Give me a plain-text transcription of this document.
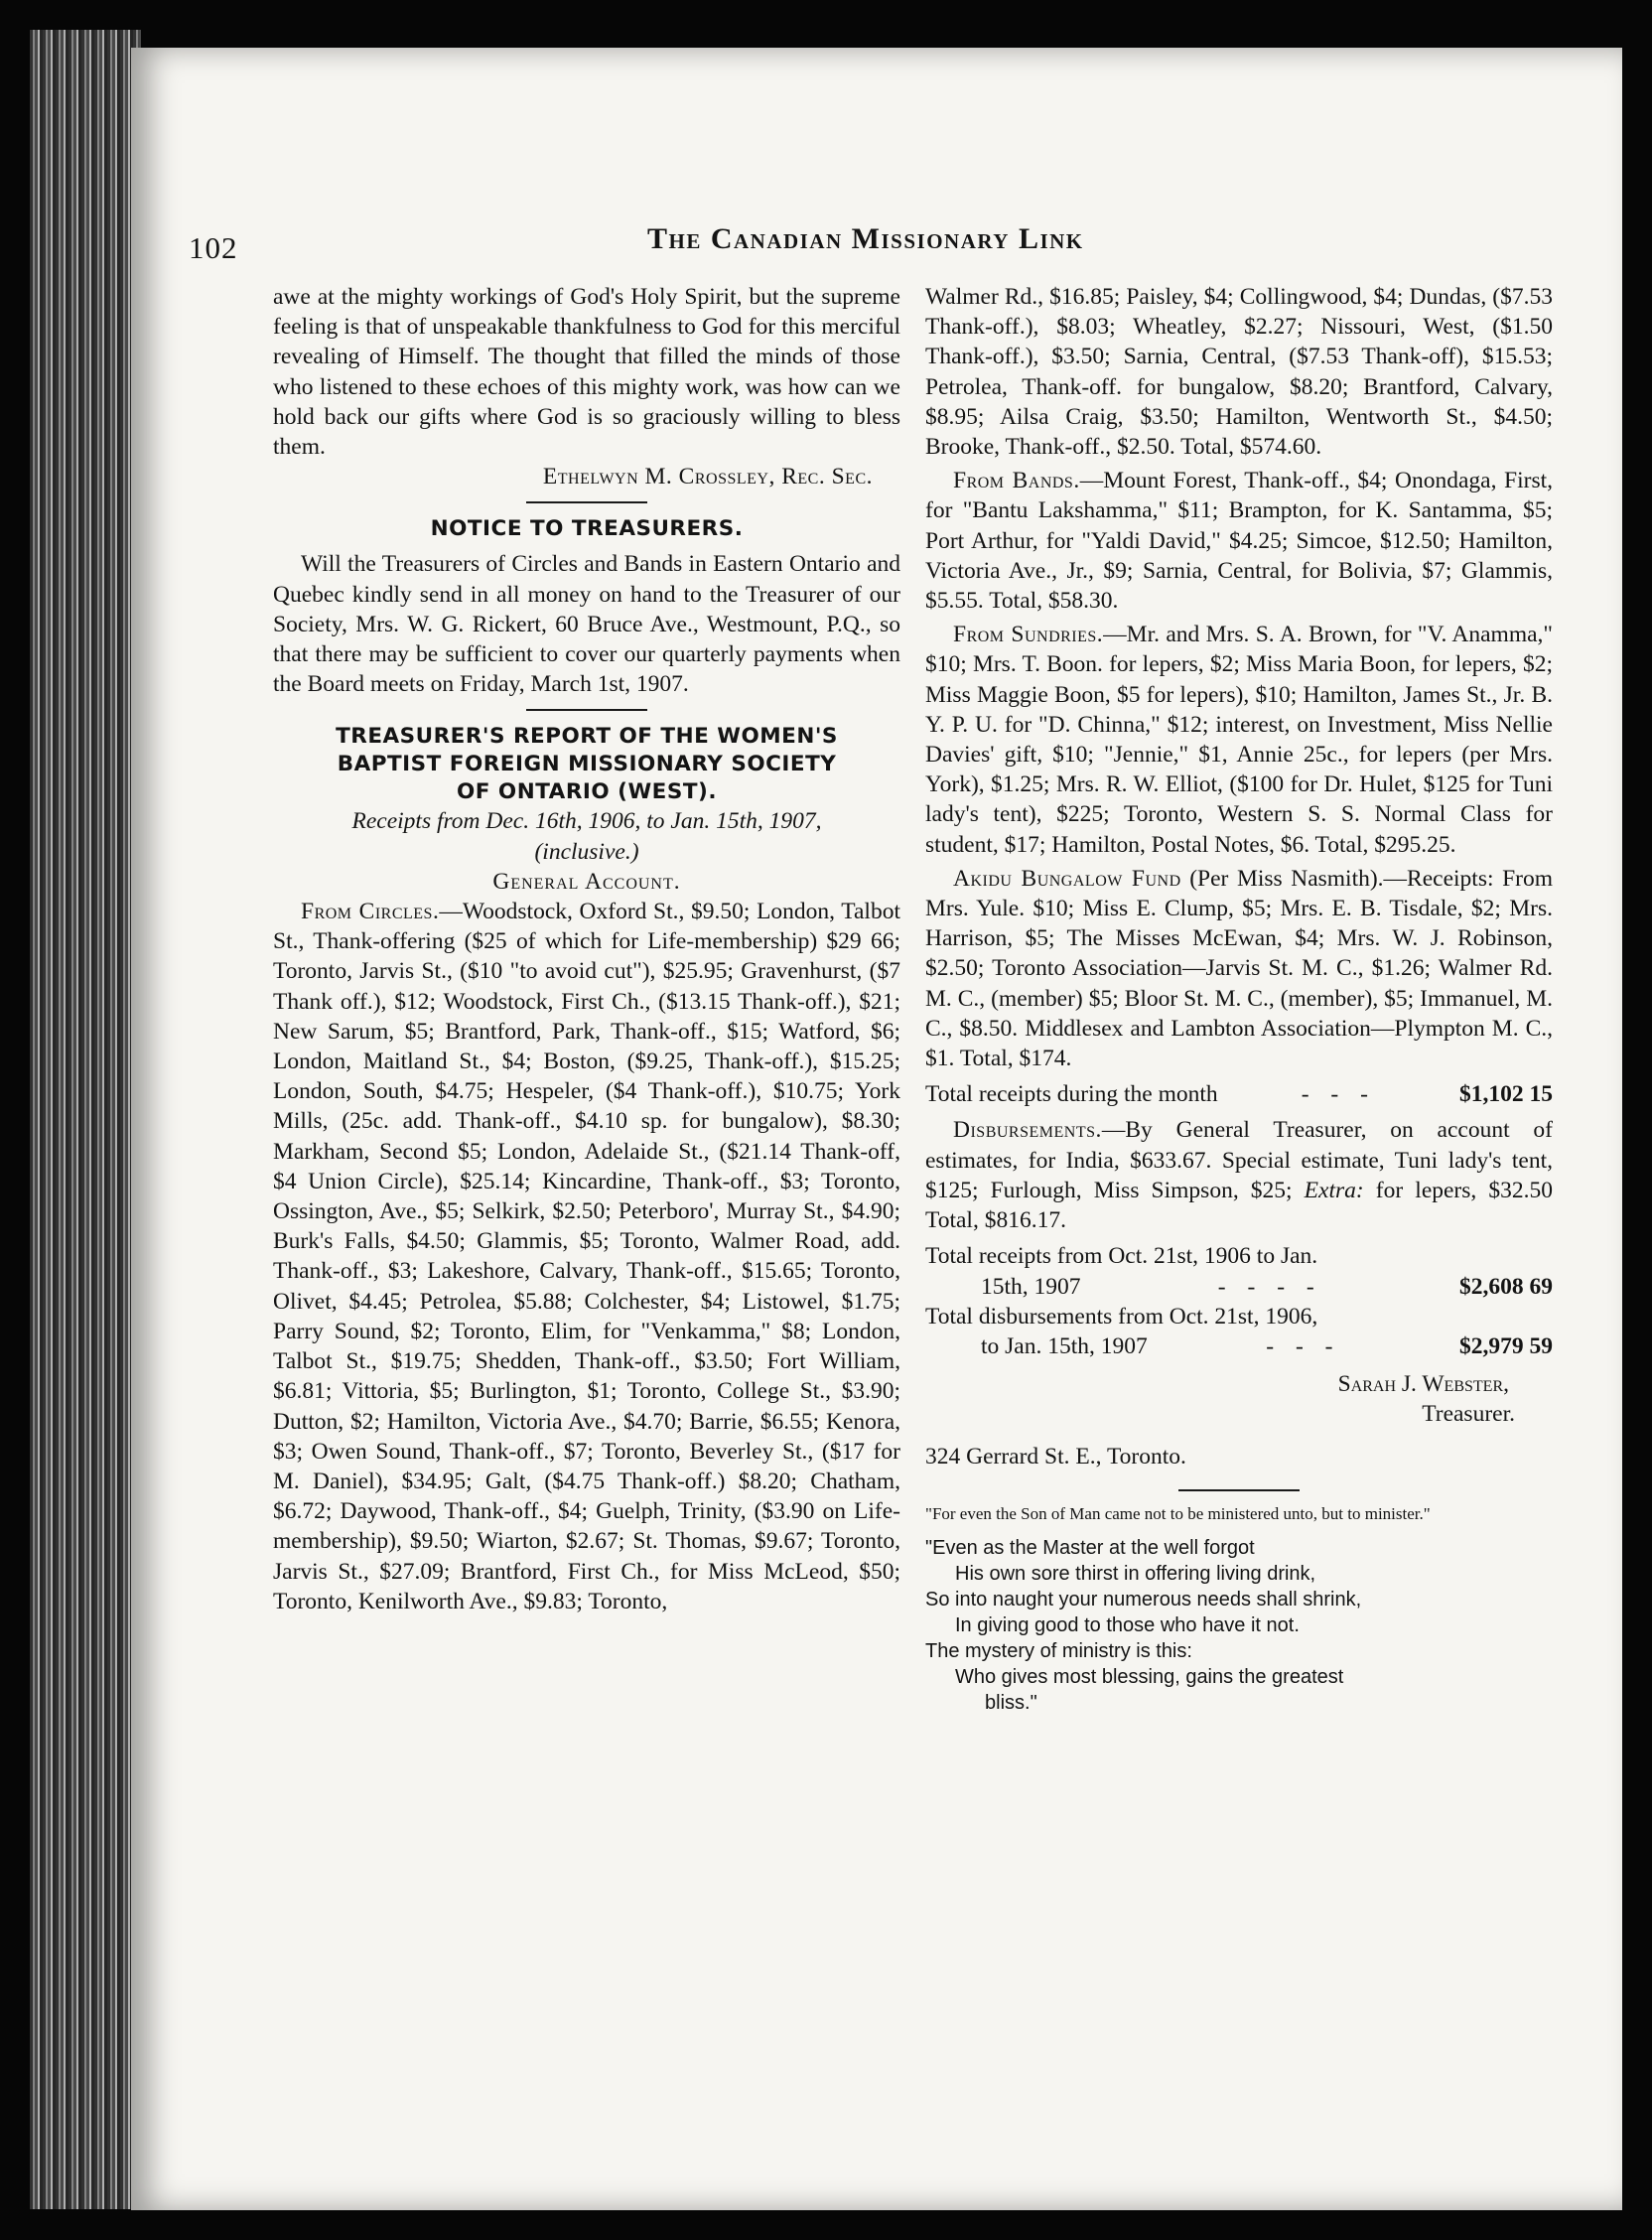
102	The Canadian Missionary Link

awe at the mighty workings of God's Holy Spirit, but the supreme feeling is that of unspeakable thankfulness to God for this merciful revealing of Himself. The thought that filled the minds of those who listened to these echoes of this mighty work, was how can we hold back our gifts where God is so graciously willing to bless them.

Ethelwyn M. Crossley, Rec. Sec.

NOTICE TO TREASURERS.

Will the Treasurers of Circles and Bands in Eastern Ontario and Quebec kindly send in all money on hand to the Treasurer of our Society, Mrs. W. G. Rickert, 60 Bruce Ave., Westmount, P.Q., so that there may be sufficient to cover our quarterly payments when the Board meets on Friday, March 1st, 1907.

TREASURER'S REPORT OF THE WOMEN'S

BAPTIST FOREIGN MISSIONARY SOCIETY

OF ONTARIO (WEST).

Receipts from Dec. 16th, 1906, to Jan. 15th, 1907,

(inclusive.)

General Account.

From Circles.—Woodstock, Oxford St., $9.50; London, Talbot St., Thank-offering ($25 of which for Life-membership) $29 66; Toronto, Jarvis St., ($10 "to avoid cut"), $25.95; Gravenhurst, ($7 Thank off.), $12; Woodstock, First Ch., ($13.15 Thank-off.), $21; New Sarum, $5; Brantford, Park, Thank-off., $15; Watford, $6; London, Maitland St., $4; Boston, ($9.25, Thank-off.), $15.25; London, South, $4.75; Hespeler, ($4 Thank-off.), $10.75; York Mills, (25c. add. Thank-off., $4.10 sp. for bungalow), $8.30; Markham, Second $5; London, Adelaide St., ($21.14 Thank-off, $4 Union Circle), $25.14; Kincardine, Thank-off., $3; Toronto, Ossington, Ave., $5; Selkirk, $2.50; Peterboro', Murray St., $4.90; Burk's Falls, $4.50; Glammis, $5; Toronto, Walmer Road, add. Thank-off., $3; Lakeshore, Calvary, Thank-off., $15.65; Toronto, Olivet, $4.45; Petrolea, $5.88; Colchester, $4; Listowel, $1.75; Parry Sound, $2; Toronto, Elim, for "Venkamma," $8; London, Talbot St., $19.75; Shedden, Thank-off., $3.50; Fort William, $6.81; Vittoria, $5; Burlington, $1; Toronto, College St., $3.90; Dutton, $2; Hamilton, Victoria Ave., $4.70; Barrie, $6.55; Kenora, $3; Owen Sound, Thank-off., $7; Toronto, Beverley St., ($17 for M. Daniel), $34.95; Galt, ($4.75 Thank-off.) $8.20; Chatham, $6.72; Daywood, Thank-off., $4; Guelph, Trinity, ($3.90 on Life-membership), $9.50; Wiarton, $2.67; St. Thomas, $9.67; Toronto, Jarvis St., $27.09; Brantford, First Ch., for Miss McLeod, $50; Toronto, Kenilworth Ave., $9.83; Toronto,

Walmer Rd., $16.85; Paisley, $4; Collingwood, $4; Dundas, ($7.53 Thank-off.), $8.03; Wheatley, $2.27; Nissouri, West, ($1.50 Thank-off.), $3.50; Sarnia, Central, ($7.53 Thank-off), $15.53; Petrolea, Thank-off. for bungalow, $8.20; Brantford, Calvary, $8.95; Ailsa Craig, $3.50; Hamilton, Wentworth St., $4.50; Brooke, Thank-off., $2.50. Total, $574.60.

From Bands.—Mount Forest, Thank-off., $4; Onondaga, First, for "Bantu Lakshamma," $11; Brampton, for K. Santamma, $5; Port Arthur, for "Yaldi David," $4.25; Simcoe, $12.50; Hamilton, Victoria Ave., Jr., $9; Sarnia, Central, for Bolivia, $7; Glammis, $5.55. Total, $58.30.

From Sundries.—Mr. and Mrs. S. A. Brown, for "V. Anamma," $10; Mrs. T. Boon. for lepers, $2; Miss Maria Boon, for lepers, $2; Miss Maggie Boon, $5 for lepers), $10; Hamilton, James St., Jr. B. Y. P. U. for "D. Chinna," $12; interest, on Investment, Miss Nellie Davies' gift, $10; "Jennie," $1, Annie 25c., for lepers (per Mrs. York), $1.25; Mrs. R. W. Elliot, ($100 for Dr. Hulet, $125 for Tuni lady's tent), $225; Toronto, Western S. S. Normal Class for student, $17; Hamilton, Postal Notes, $6. Total, $295.25.

Akidu Bungalow Fund (Per Miss Nasmith).—Receipts: From Mrs. Yule. $10; Miss E. Clump, $5; Mrs. E. B. Tisdale, $2; Mrs. Harrison, $5; The Misses McEwan, $4; Mrs. W. J. Robinson, $2.50; Toronto Association—Jarvis St. M. C., $1.26; Walmer Rd. M. C., (member) $5; Bloor St. M. C., (member), $5; Immanuel, M. C., $8.50. Middlesex and Lambton Association—Plympton M. C., $1. Total, $174.

Total receipts during the month	- - -	$1,102 15

Disbursements.—By General Treasurer, on account of estimates, for India, $633.67. Special estimate, Tuni lady's tent, $125; Furlough, Miss Simpson, $25; Extra: for lepers, $32.50 Total, $816.17.

Total receipts from Oct. 21st, 1906 to Jan.

15th, 1907	- - - -	$2,608 69

Total disbursements from Oct. 21st, 1906,

to Jan. 15th, 1907	- - -	$2,979 59

Sarah J. Webster,

Treasurer.

324 Gerrard St. E., Toronto.

"For even the Son of Man came not to be ministered unto, but to minister."

"Even as the Master at the well forgot
His own sore thirst in offering living drink,
So into naught your numerous needs shall shrink,
In giving good to those who have it not.
The mystery of ministry is this:
Who gives most blessing, gains the greatest
bliss."
